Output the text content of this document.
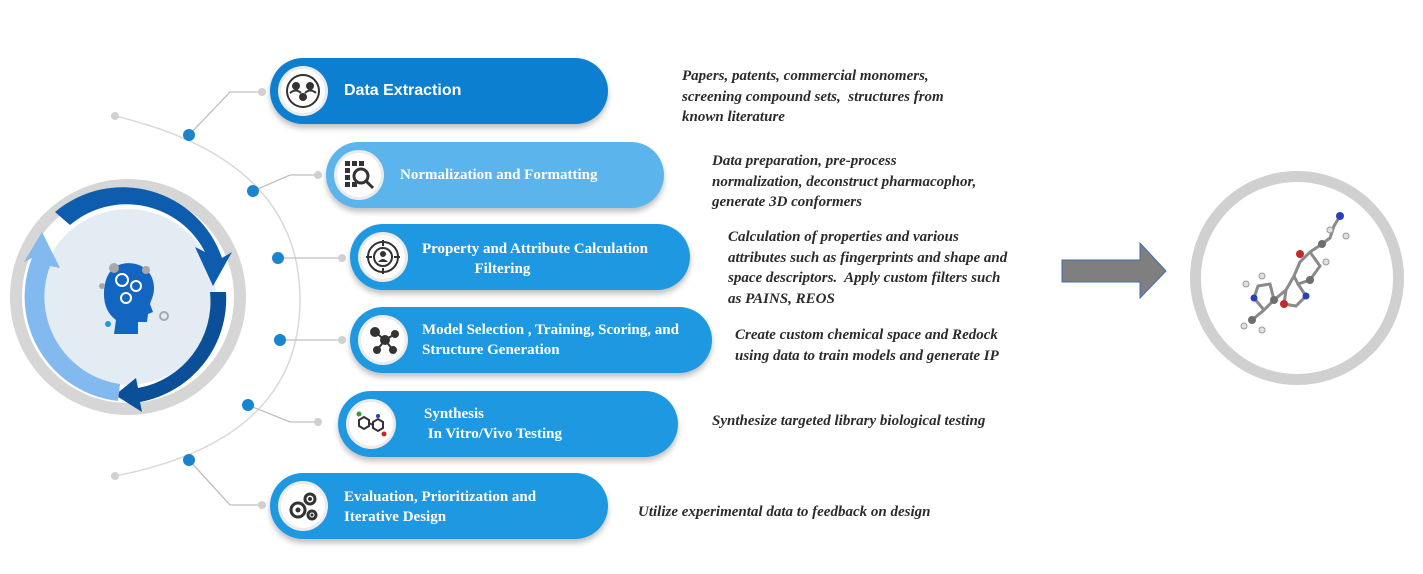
Data Extraction
Normalization and Formatting
Property and Attribute Calculation
Filtering
Model Selection , Training, Scoring, and
Structure Generation
Synthesis
In Vitro/Vivo Testing
Evaluation, Prioritization and
Iterative Design
Papers, patents, commercial monomers,
screening compound sets,  structures from
known literature
Data preparation, pre-process
normalization, deconstruct pharmacophor,
generate 3D conformers
Calculation of properties and various
attributes such as fingerprints and shape and
space descriptors.  Apply custom filters such
as PAINS, REOS
Create custom chemical space and Redock
using data to train models and generate IP
Synthesize targeted library biological testing
Utilize experimental data to feedback on design
